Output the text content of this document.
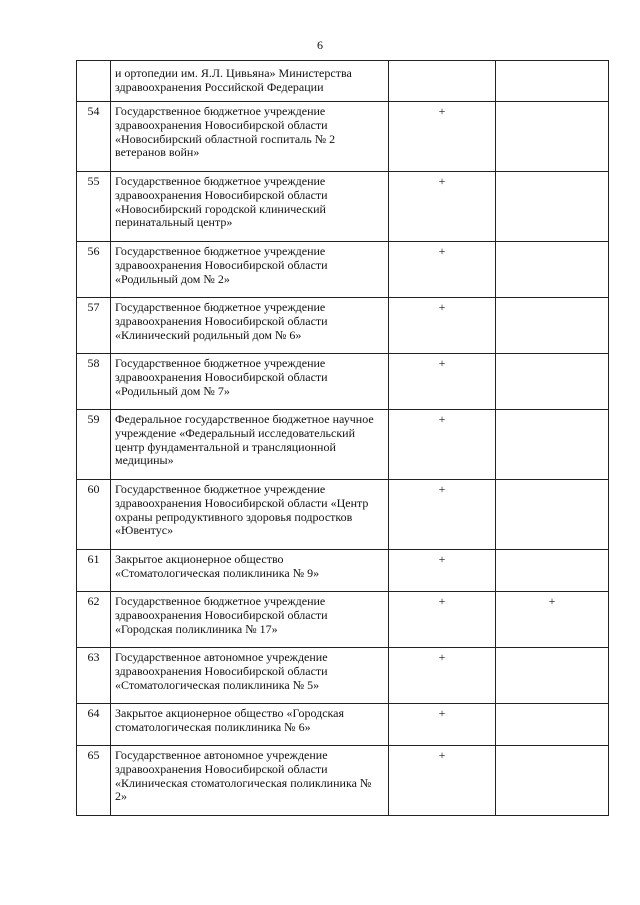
6
	и ортопедии им. Я.Л. Цивьяна» Министерства здравоохранения Российской Федерации		
54	Государственное бюджетное учреждение здравоохранения Новосибирской области «Новосибирский областной госпиталь № 2 ветеранов войн»	+	
55	Государственное бюджетное учреждение здравоохранения Новосибирской области «Новосибирский городской клинический перинатальный центр»	+	
56	Государственное бюджетное учреждение здравоохранения Новосибирской области «Родильный дом № 2»	+	
57	Государственное бюджетное учреждение здравоохранения Новосибирской области «Клинический родильный дом № 6»	+	
58	Государственное бюджетное учреждение здравоохранения Новосибирской области «Родильный дом № 7»	+	
59	Федеральное государственное бюджетное научное учреждение «Федеральный исследовательский центр фундаментальной и трансляционной медицины»	+	
60	Государственное бюджетное учреждение здравоохранения Новосибирской области «Центр охраны репродуктивного здоровья подростков «Ювентус»	+	
61	Закрытое акционерное общество «Стоматологическая поликлиника № 9»	+	
62	Государственное бюджетное учреждение здравоохранения Новосибирской области «Городская поликлиника № 17»	+	+
63	Государственное автономное учреждение здравоохранения Новосибирской области «Стоматологическая поликлиника № 5»	+	
64	Закрытое акционерное общество «Городская стоматологическая поликлиника № 6»	+	
65	Государственное автономное учреждение здравоохранения Новосибирской области «Клиническая стоматологическая поликлиника № 2»	+	
